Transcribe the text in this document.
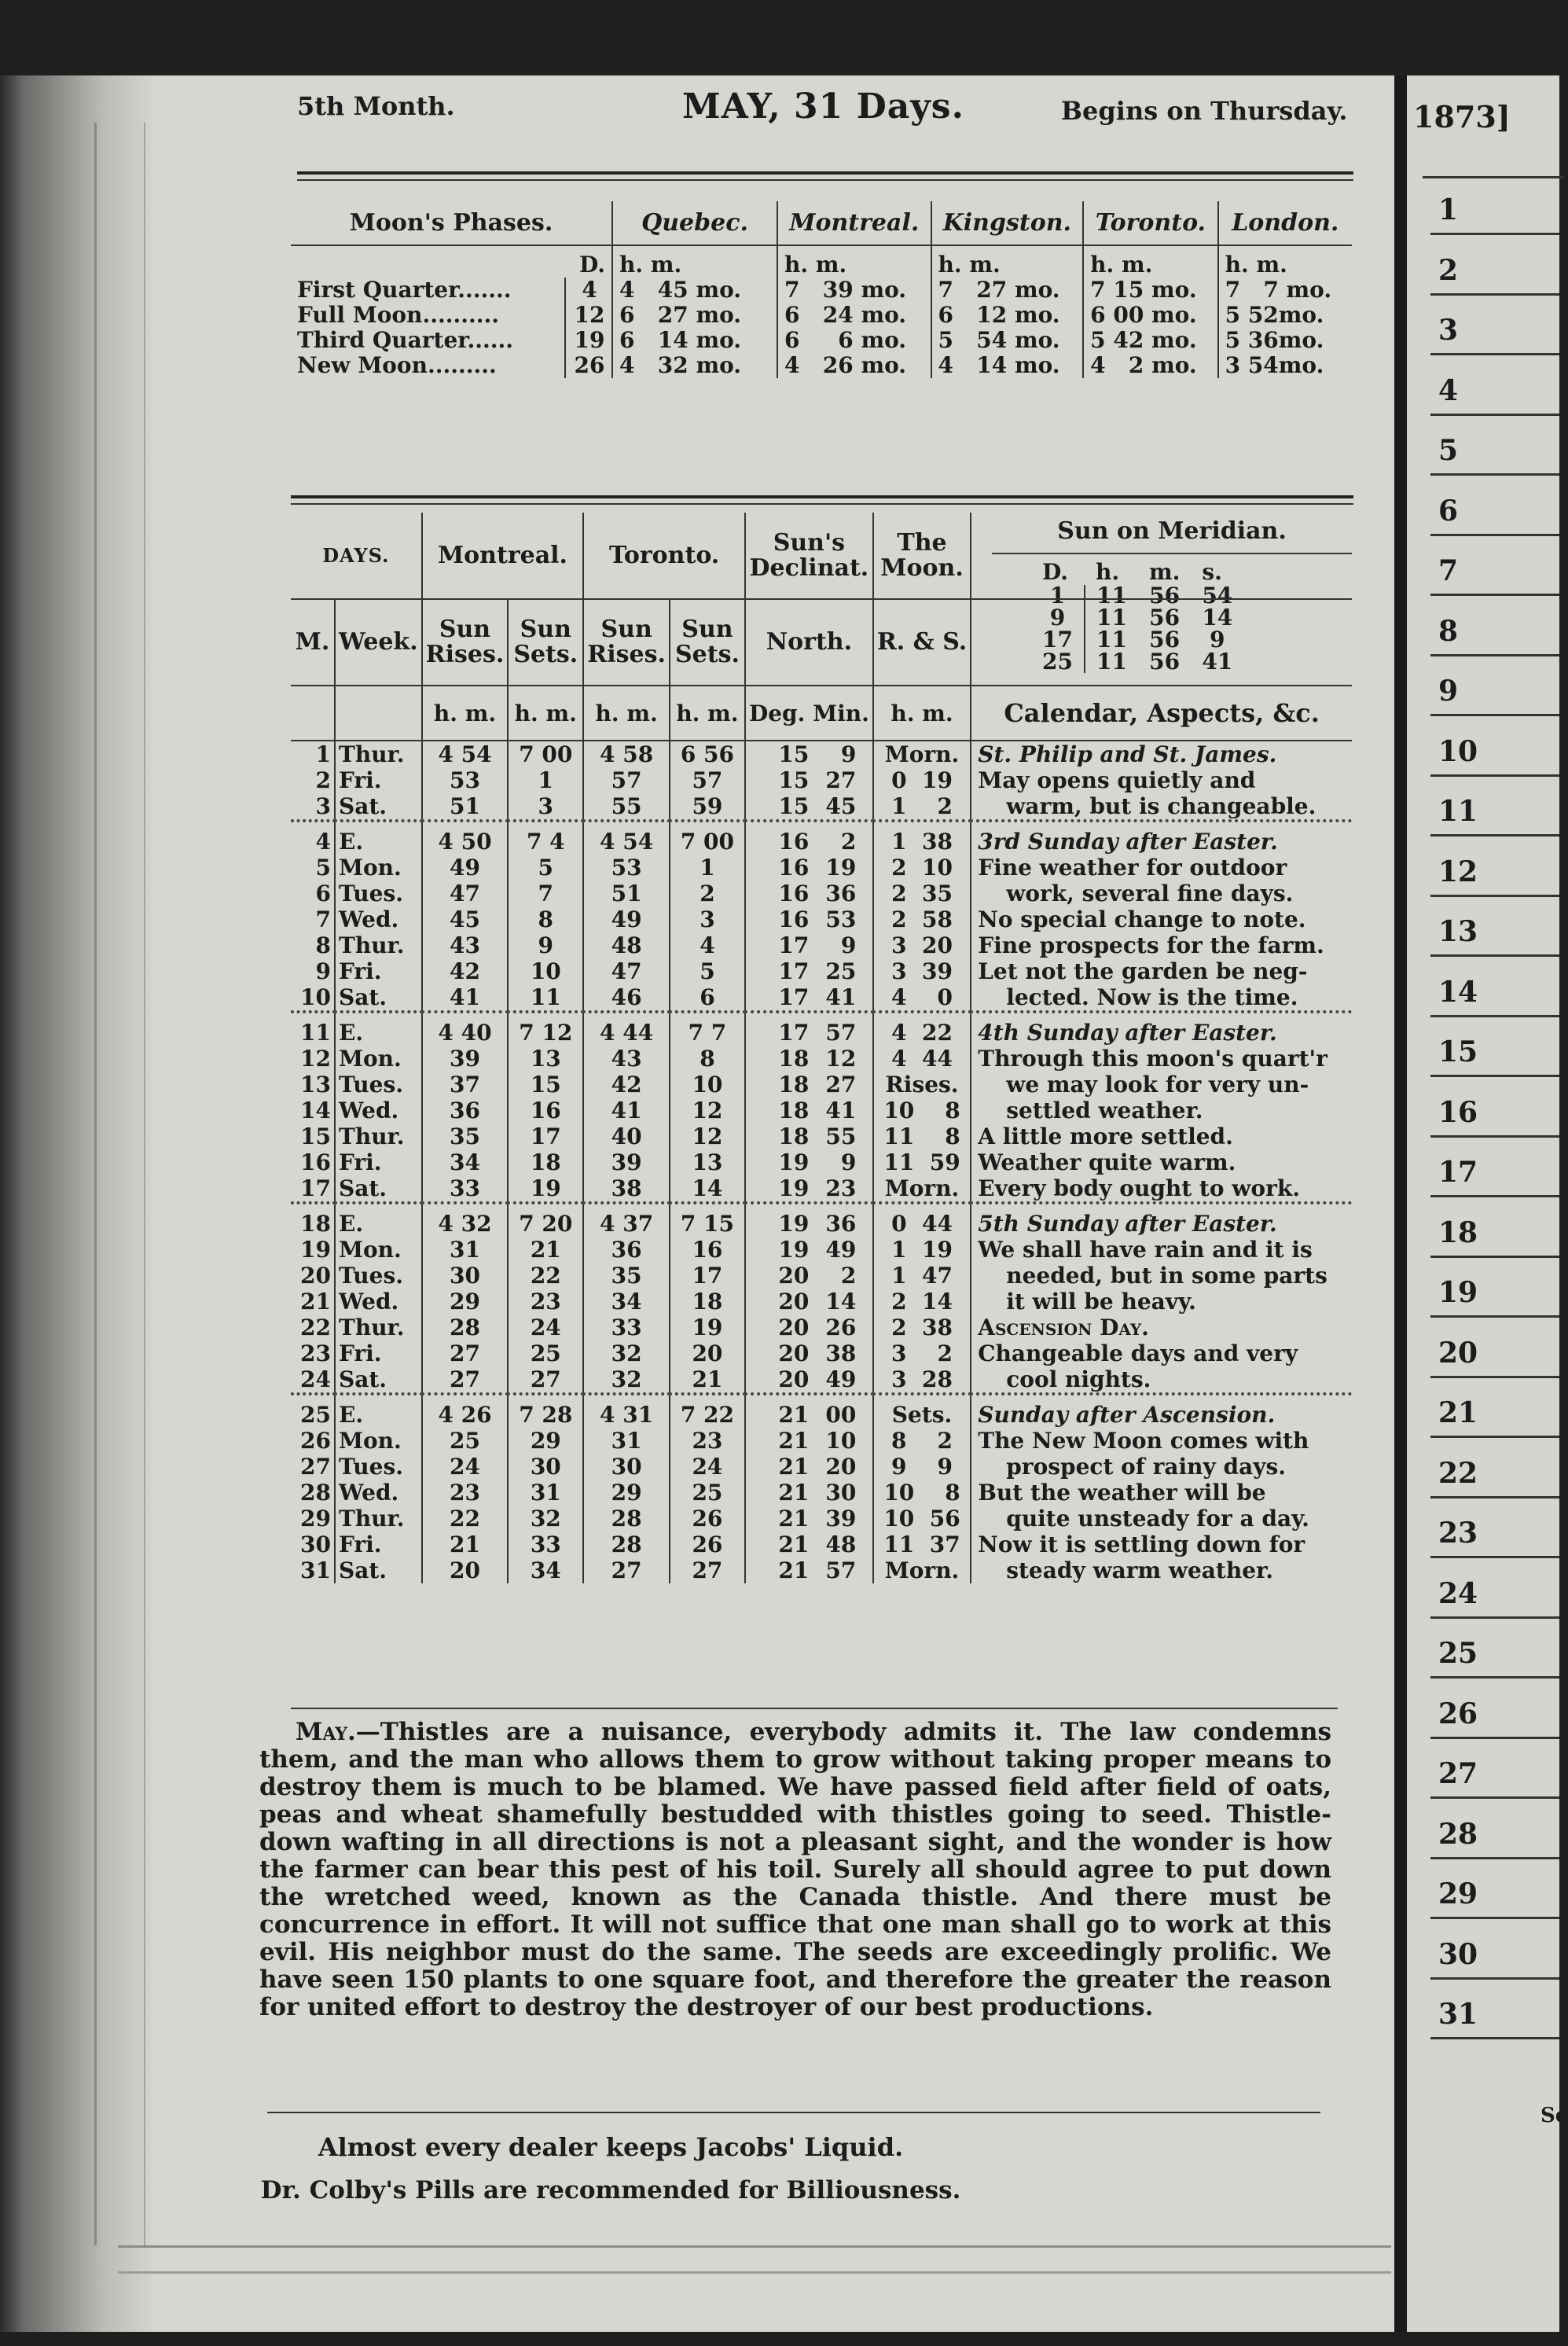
5th Month.	MAY, 31 Days.	Begins on Thursday.
Moon's Phases.	Quebec.	Montreal.	Kingston.	Toronto.	London.
D.	h. m.	h. m.	h. m.	h. m.	h. m.
First Quarter....... 4	4   45 mo.	7   39 mo.	7   27 mo.	7 15 mo.	7   7 mo.
Full Moon.......... 12	6   27 mo.	6   24 mo.	6   12 mo.	6 00 mo.	5 52mo.
Third Quarter...... 19	6   14 mo.	6     6 mo.	5   54 mo.	5 42 mo.	5 36mo.
New Moon......... 26	4   32 mo.	4   26 mo.	4   14 mo.	4   2 mo.	3 54mo.
Sun on Meridian.
D.	h.	m.	s.
1	11	56	54
9	11	56	14
17	11	56	9
25	11	56	41
DAYS.		Montreal.		Toronto.		Sun's Declinat.	The Moon.	
M.	Week.	Sun Rises.	Sun Sets.	Sun Rises.	Sun Sets.	North.	R. & S.	
		h. m.	h. m.	h. m.	h. m.	Deg. Min.	h. m.	Calendar, Aspects, &c.
1	Thur.	4 54	7 00	4 58	6 56	15 9	Morn.	St. Philip and St. James.
2	Fri.	53	1	57	57	15 27	0  19	May opens quietly and
3	Sat.	51	3	55	59	15 45	1    2	warm, but is changeable.
4	E.	4 50	7 4	4 54	7 00	16 2	1  38	3rd Sunday after Easter.
5	Mon.	49	5	53	1	16 19	2  10	Fine weather for outdoor
6	Tues.	47	7	51	2	16 36	2  35	work, several fine days.
7	Wed.	45	8	49	3	16 53	2  58	No special change to note.
8	Thur.	43	9	48	4	17 9	3  20	Fine prospects for the farm.
9	Fri.	42	10	47	5	17 25	3  39	Let not the garden be neg-
10	Sat.	41	11	46	6	17 41	4    0	lected. Now is the time.
11	E.	4 40	7 12	4 44	7 7	17 57	4  22	4th Sunday after Easter.
12	Mon.	39	13	43	8	18 12	4  44	Through this moon's quart'r
13	Tues.	37	15	42	10	18 27	Rises.	we may look for very un-
14	Wed.	36	16	41	12	18 41	10    8	settled weather.
15	Thur.	35	17	40	12	18 55	11    8	A little more settled.
16	Fri.	34	18	39	13	19 9	11  59	Weather quite warm.
17	Sat.	33	19	38	14	19 23	Morn.	Every body ought to work.
18	E.	4 32	7 20	4 37	7 15	19 36	0  44	5th Sunday after Easter.
19	Mon.	31	21	36	16	19 49	1  19	We shall have rain and it is
20	Tues.	30	22	35	17	20 2	1  47	needed, but in some parts
21	Wed.	29	23	34	18	20 14	2  14	it will be heavy.
22	Thur.	28	24	33	19	20 26	2  38	Ascension Day.
23	Fri.	27	25	32	20	20 38	3    2	Changeable days and very
24	Sat.	27	27	32	21	20 49	3  28	cool nights.
25	E.	4 26	7 28	4 31	7 22	21 00	Sets.	Sunday after Ascension.
26	Mon.	25	29	31	23	21 10	8    2	The New Moon comes with
27	Tues.	24	30	30	24	21 20	9    9	prospect of rainy days.
28	Wed.	23	31	29	25	21 30	10    8	But the weather will be
29	Thur.	22	32	28	26	21 39	10  56	quite unsteady for a day.
30	Fri.	21	33	28	26	21 48	11  37	Now it is settling down for
31	Sat.	20	34	27	27	21 57	Morn.	steady warm weather.
May.—Thistles are a nuisance, everybody admits it. The law condemns them, and the man who allows them to grow without taking proper means to destroy them is much to be blamed. We have passed field after field of oats, peas and wheat shamefully bestudded with thistles going to seed. Thistle-down wafting in all directions is not a pleasant sight, and the wonder is how the farmer can bear this pest of his toil. Surely all should agree to put down the wretched weed, known as the Canada thistle. And there must be concurrence in effort. It will not suffice that one man shall go to work at this evil. His neighbor must do the same. The seeds are exceedingly prolific. We have seen 150 plants to one square foot, and therefore the greater the reason for united effort to destroy the destroyer of our best productions.
Almost every dealer keeps Jacobs' Liquid.
Dr. Colby's Pills are recommended for Billiousness.
1873]
1
2
3
4
5
6
7
8
9
10
11
12
13
14
15
16
17
18
19
20
21
22
23
24
25
26
27
28
29
30
31
Sc
